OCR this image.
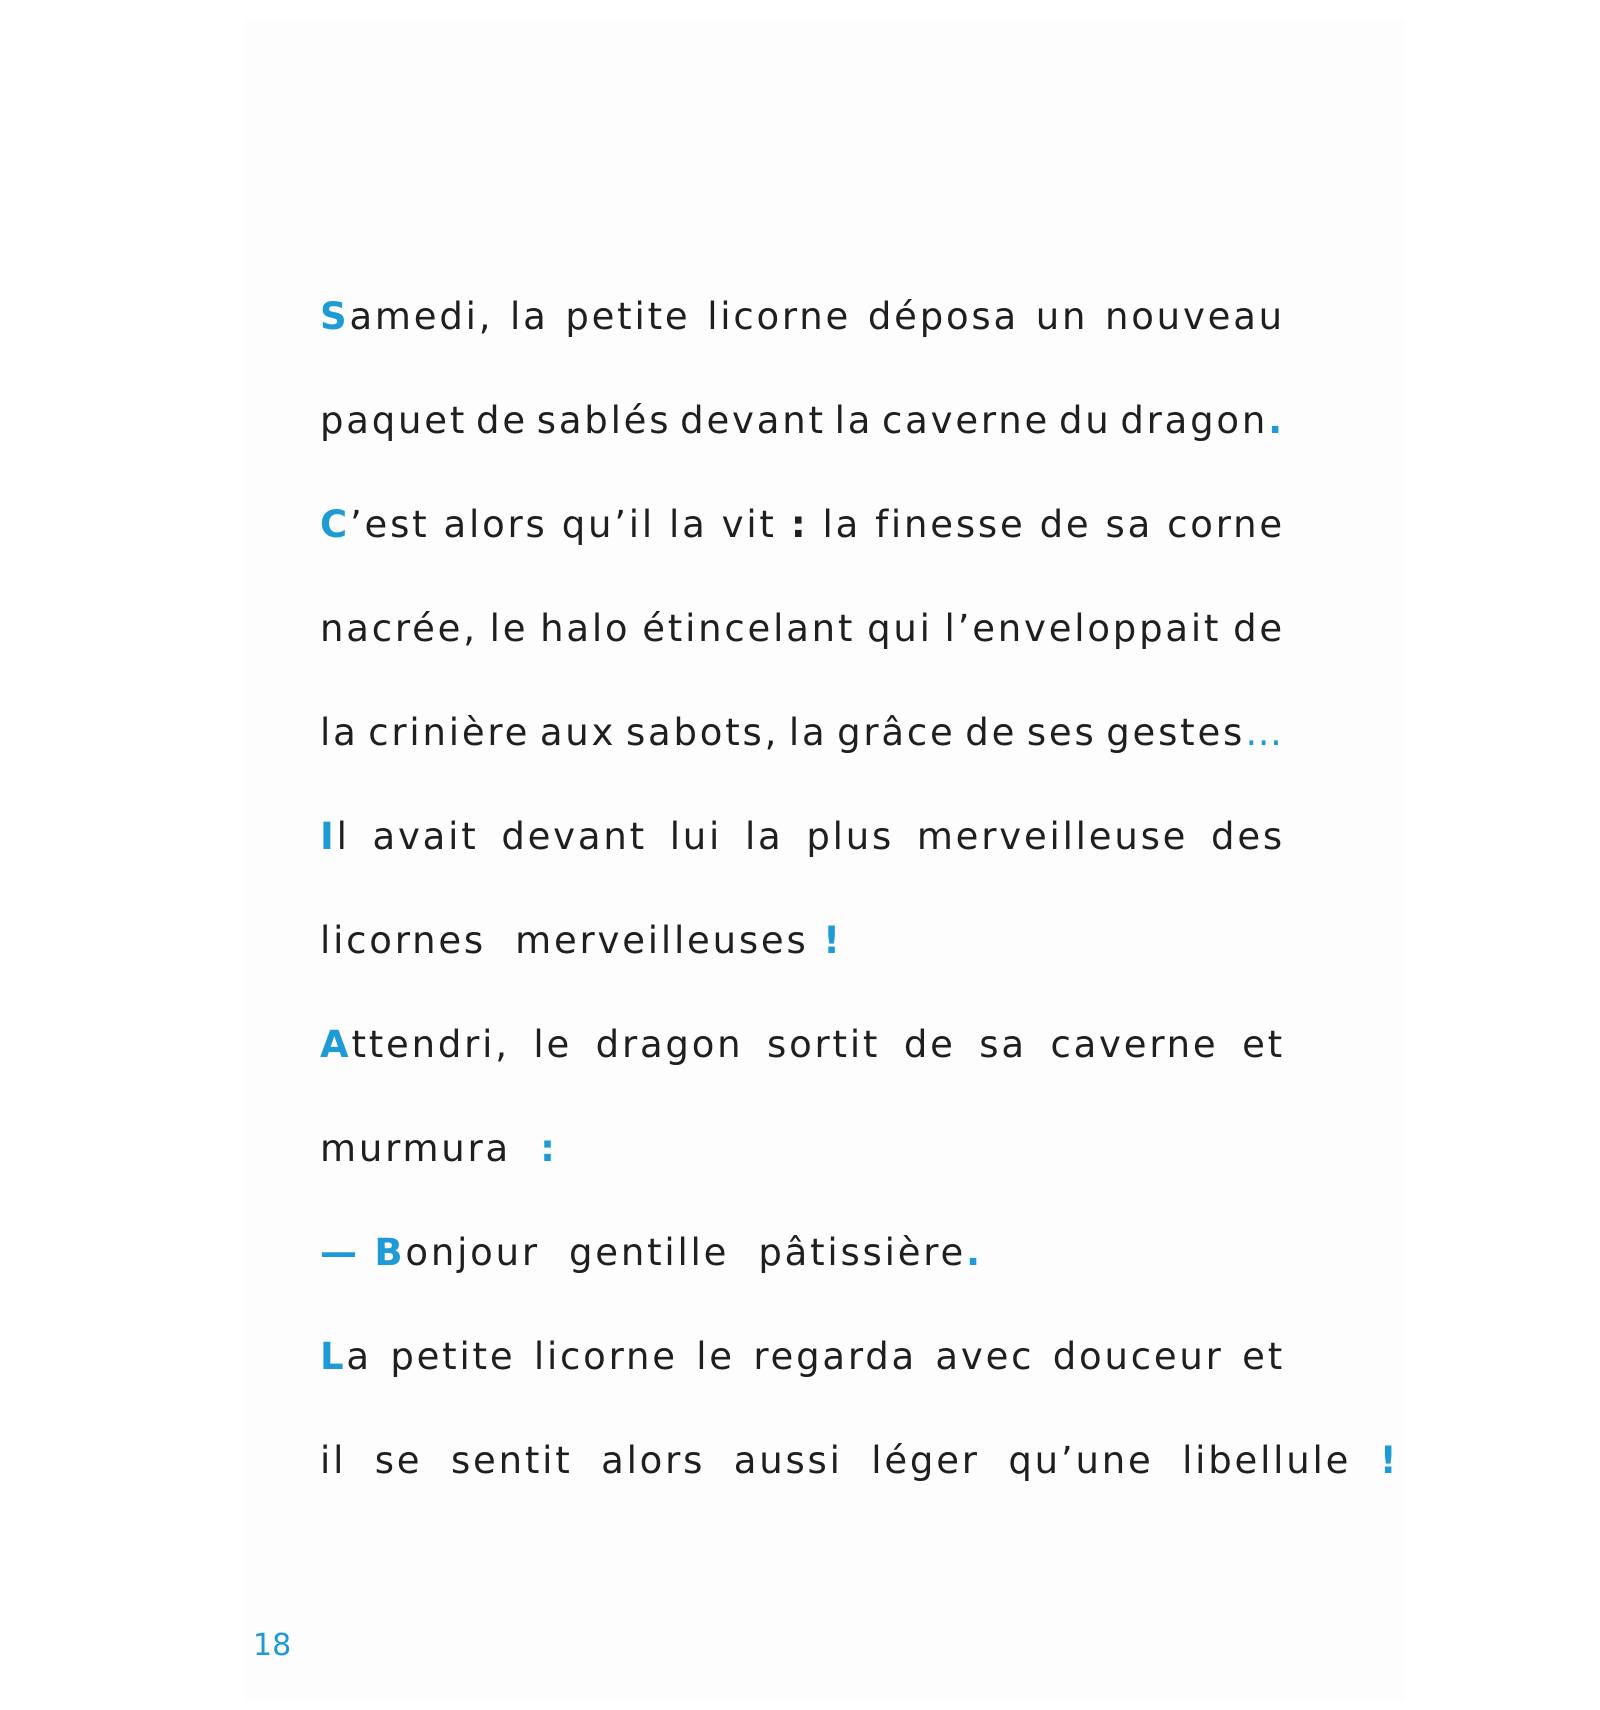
Samedi, la petite licorne déposa un nouveau
paquet de sablés devant la caverne du dragon.
C’est alors qu’il la vit : la finesse de sa corne
nacrée, le halo étincelant qui l’enveloppait de
la crinière aux sabots, la grâce de ses gestes…
Il avait devant lui la plus merveilleuse des
licornes merveilleuses !
Attendri, le dragon sortit de sa caverne et
murmura :
— Bonjour gentille pâtissière.
La petite licorne le regarda avec douceur et
il se sentit alors aussi léger qu’une libellule !
18
